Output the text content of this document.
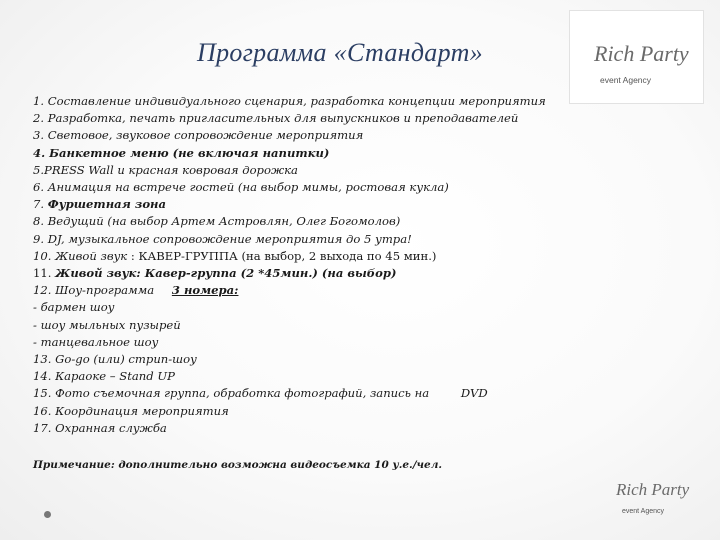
Программа «Стандарт»	Rich Party
event Agency
Rich Party
event Agency
1. Составление индивидуального сценария, разработка концепции мероприятия
2. Разработка, печать пригласительных для выпускников и преподавателей
3. Световое, звуковое сопровождение мероприятия
4. Банкетное меню (не включая напитки)
5.PRESS Wall и красная ковровая дорожка
6. Анимация на встрече гостей (на выбор мимы, ростовая кукла)
7. Фуршетная зона
8. Ведущий (на выбор Артем Астровлян, Олег Богомолов)
9. DJ, музыкальное сопровождение мероприятия до 5 утра!
10. Живой звук : КАВЕР-ГРУППА (на выбор, 2 выхода по 45 мин.)
11. Живой звук: Кавер-группа (2 *45мин.) (на выбор)
12. Шоу-программа 3 номера:
- бармен шоу
- шоу мыльных пузырей
- танцевальное шоу
13. Go-go (или) стрип-шоу
14. Караоке – Stand UP
15. Фото съемочная группа, обработка фотографий, запись на	DVD
16. Координация мероприятия
17. Охранная служба
Примечание: дополнительно возможна видеосъемка 10 у.е./чел.
